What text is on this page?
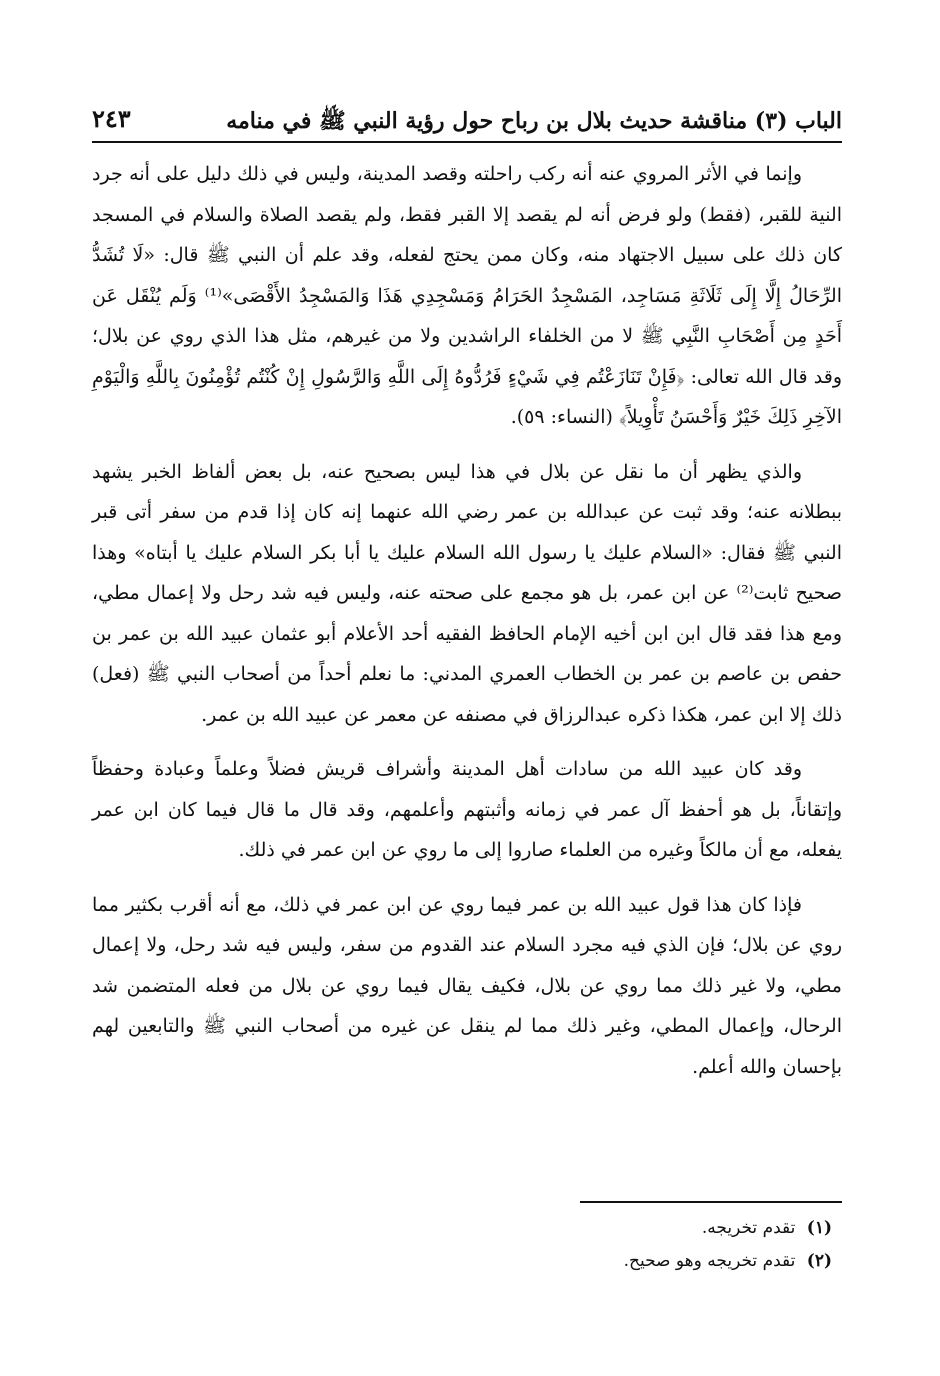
الباب (٣) مناقشة حديث بلال بن رباح حول رؤية النبي ﷺ في منامه
٢٤٣

وإنما في الأثر المروي عنه أنه ركب راحلته وقصد المدينة، وليس في ذلك دليل على أنه جرد النية للقبر، (فقط) ولو فرض أنه لم يقصد إلا القبر فقط، ولم يقصد الصلاة والسلام في المسجد كان ذلك على سبيل الاجتهاد منه، وكان ممن يحتج لفعله، وقد علم أن النبي ﷺ قال: «لَا تُشَدُّ الرِّحَالُ إِلَّا إِلَى ثَلَاثَةِ مَسَاجِد، المَسْجِدُ الحَرَامُ وَمَسْجِدِي هَذَا وَالمَسْجِدُ الأَقْصَى»⁽¹⁾ وَلَم يُنْقَل عَن أَحَدٍ مِن أَصْحَابِ النَّبِي ﷺ لا من الخلفاء الراشدين ولا من غيرهم، مثل هذا الذي روي عن بلال؛ وقد قال الله تعالى: ﴿فَإِنْ تَنَازَعْتُم فِي شَيْءٍ فَرُدُّوهُ إِلَى اللَّهِ وَالرَّسُولِ إِنْ كُنْتُم تُؤْمِنُونَ بِاللَّهِ وَالْيَوْمِ الآخِرِ ذَلِكَ خَيْرٌ وَأَحْسَنُ تَأْوِيلاً﴾ (النساء: ٥٩).

والذي يظهر أن ما نقل عن بلال في هذا ليس بصحيح عنه، بل بعض ألفاظ الخبر يشهد ببطلانه عنه؛ وقد ثبت عن عبدالله بن عمر رضي الله عنهما إنه كان إذا قدم من سفر أتى قبر النبي ﷺ فقال: «السلام عليك يا رسول الله السلام عليك يا أبا بكر السلام عليك يا أبتاه» وهذا صحيح ثابت⁽²⁾ عن ابن عمر، بل هو مجمع على صحته عنه، وليس فيه شد رحل ولا إعمال مطي، ومع هذا فقد قال ابن ابن أخيه الإمام الحافظ الفقيه أحد الأعلام أبو عثمان عبيد الله بن عمر بن حفص بن عاصم بن عمر بن الخطاب العمري المدني: ما نعلم أحداً من أصحاب النبي ﷺ (فعل) ذلك إلا ابن عمر، هكذا ذكره عبدالرزاق في مصنفه عن معمر عن عبيد الله بن عمر.

وقد كان عبيد الله من سادات أهل المدينة وأشراف قريش فضلاً وعلماً وعبادة وحفظاً وإتقاناً، بل هو أحفظ آل عمر في زمانه وأثبتهم وأعلمهم، وقد قال ما قال فيما كان ابن عمر يفعله، مع أن مالكاً وغيره من العلماء صاروا إلى ما روي عن ابن عمر في ذلك.

فإذا كان هذا قول عبيد الله بن عمر فيما روي عن ابن عمر في ذلك، مع أنه أقرب بكثير مما روي عن بلال؛ فإن الذي فيه مجرد السلام عند القدوم من سفر، وليس فيه شد رحل، ولا إعمال مطي، ولا غير ذلك مما روي عن بلال، فكيف يقال فيما روي عن بلال من فعله المتضمن شد الرحال، وإعمال المطي، وغير ذلك مما لم ينقل عن غيره من أصحاب النبي ﷺ والتابعين لهم بإحسان والله أعلم.

(١) تقدم تخريجه.
(٢) تقدم تخريجه وهو صحيح.
